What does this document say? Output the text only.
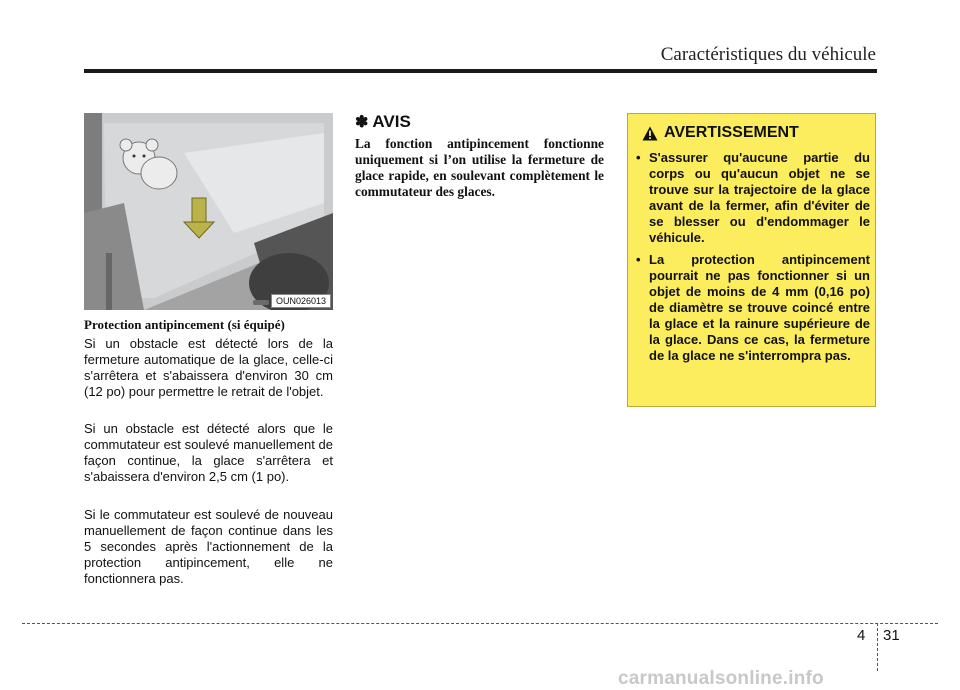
Caractéristiques du véhicule
OUN026013
Protection antipincement (si équipé)

Si un obstacle est détecté lors de la fermeture automatique de la glace, celle-ci s'arrêtera et s'abaissera d'environ 30 cm (12 po) pour permettre le retrait de l'objet.

Si un obstacle est détecté alors que le commutateur est soulevé manuellement de façon continue, la glace s'arrêtera et s'abaissera d'environ 2,5 cm (1 po).

Si le commutateur est soulevé de nouveau manuellement de façon continue dans les 5 secondes après l'actionnement de la protection antipincement, elle ne fonctionnera pas.

✽ AVIS

La fonction antipincement fonctionne uniquement si l’on utilise la fermeture de glace rapide, en soulevant complètement le commutateur des glaces.

AVERTISSEMENT
• S'assurer qu'aucune partie du corps ou qu'aucun objet ne se trouve sur la trajectoire de la glace avant de la fermer, afin d'éviter de se blesser ou d'endommager le véhicule.
• La protection antipincement pourrait ne pas fonctionner si un objet de moins de 4 mm (0,16 po) de diamètre se trouve coincé entre la glace et la rainure supérieure de la glace. Dans ce cas, la fermeture de la glace ne s'interrompra pas.
4 31
carmanualsonline.info
